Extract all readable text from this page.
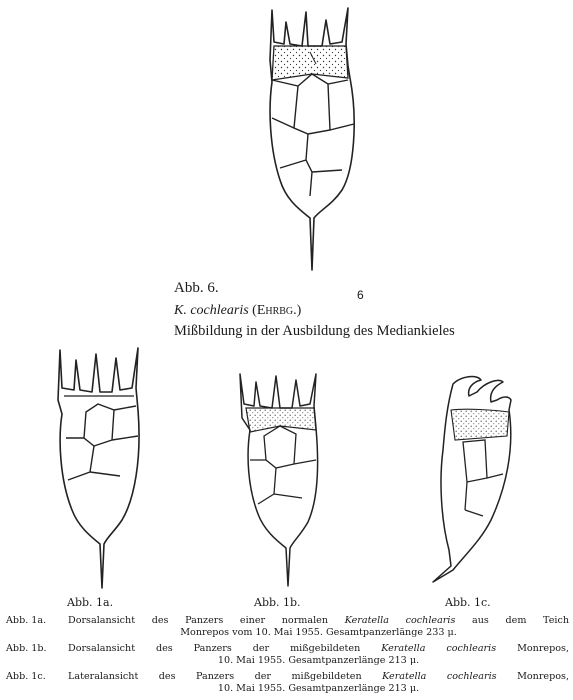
Abb. 6.	6
K. cochlearis (Ehrbg.)
Mißbildung in der Ausbildung des Mediankieles
Abb. 1a.	Abb. 1b.	Abb. 1c.
Abb. 1a. Dorsalansicht des Panzers einer normalen Keratella cochlearis aus dem Teich
Monrepos vom 10. Mai 1955. Gesamtpanzerlänge 233 μ.
Abb. 1b. Dorsalansicht des Panzers der mißgebildeten Keratella cochlearis Monrepos,
10. Mai 1955. Gesamtpanzerlänge 213 μ.
Abb. 1c. Lateralansicht des Panzers der mißgebildeten Keratella cochlearis Monrepos,
10. Mai 1955. Gesamtpanzerlänge 213 μ.
